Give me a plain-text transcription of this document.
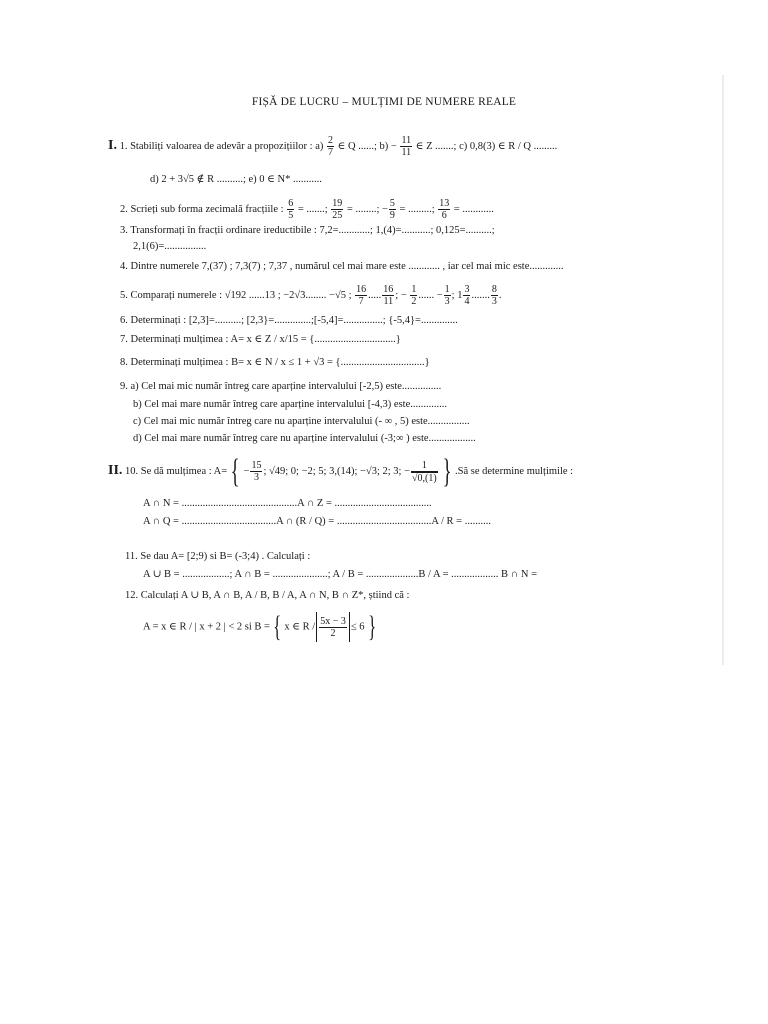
FIȘĂ DE LUCRU – MULȚIMI DE NUMERE REALE
I. 1. Stabiliți valoarea de adevăr a propozițiilor : $a) \frac{2}{7}$ ∈ Q ......; $b) - \frac{11}{11}$ ∈ Z .......; c) 0,8(3) ∈ R / Q .........
d) 2 + 3√5 ∉ R ..........; e) 0 ∈ N* ...........
2. Scrieți sub forma zecimală fracțiile : $\frac{6}{5}$ = .......; $\frac{19}{25}$ = ........; − $\frac{5}{9}$ = .........; $\frac{13}{6}$ = ............
3. Transformați în fracții ordinare ireductibile : 7,2=............; 1,(4)=...........; 0,125=..........;
2,1(6)=................
4. Dintre numerele 7,(37) ; 7,3(7) ; 7,37 , numărul cel mai mare este ............ , iar cel mai mic este.............
5. Comparați numerele : √192 ......13 ; −2√3........ −√5 ; $\frac{16}{7}$ ..... $\frac{16}{11}$ ; − $\frac{1}{2}$ ...... − $\frac{1}{3}$ ; $1 \frac{3}{4}$ ....... $\frac{8}{3}$ .
6. Determinați : [2,3]=..........; [2,3}=..............;[-5,4]=...............; {-5,4}=..............
7. Determinați mulțimea : A= x ∈ Z / x/15 = {...............................}
8. Determinați mulțimea : B= x ∈ N / x ≤ 1 + √3 = {................................}
9. a) Cel mai mic număr întreg care aparține intervalului [-2,5) este...............
b) Cel mai mare număr întreg care aparține intervalului [-4,3) este..............
c) Cel mai mic număr întreg care nu aparține intervalului (- ∞ , 5) este................
d) Cel mai mare număr întreg care nu aparține intervalului (-3;∞ ) este..................
II. 10. Se dă mulțimea : A= { − $\frac{15}{3}$ ; √49; 0; −2; 5; 3,(14); −√3; 2; 3; − $\frac{1}{√0,(1)}$ } .Să se determine mulțimile :
A ∩ N = ............................................A ∩ Z = .....................................
A ∩ Q = ....................................A ∩ (R / Q) = ....................................A / R = ..........
11. Se dau A= [2;9) si B= (-3;4) . Calculați :
A ∪ B = ..................; A ∩ B = .....................; A / B = ....................B / A = .................. B ∩ N =
12. Calculați A ∪ B, A ∩ B, A / B, B / A, A ∩ N, B ∩ Z*, știind că :
A = x ∈ R / | x + 2 | < 2 si B = { x ∈ $R / \frac{5x - 3}{2} \le 6$ }
